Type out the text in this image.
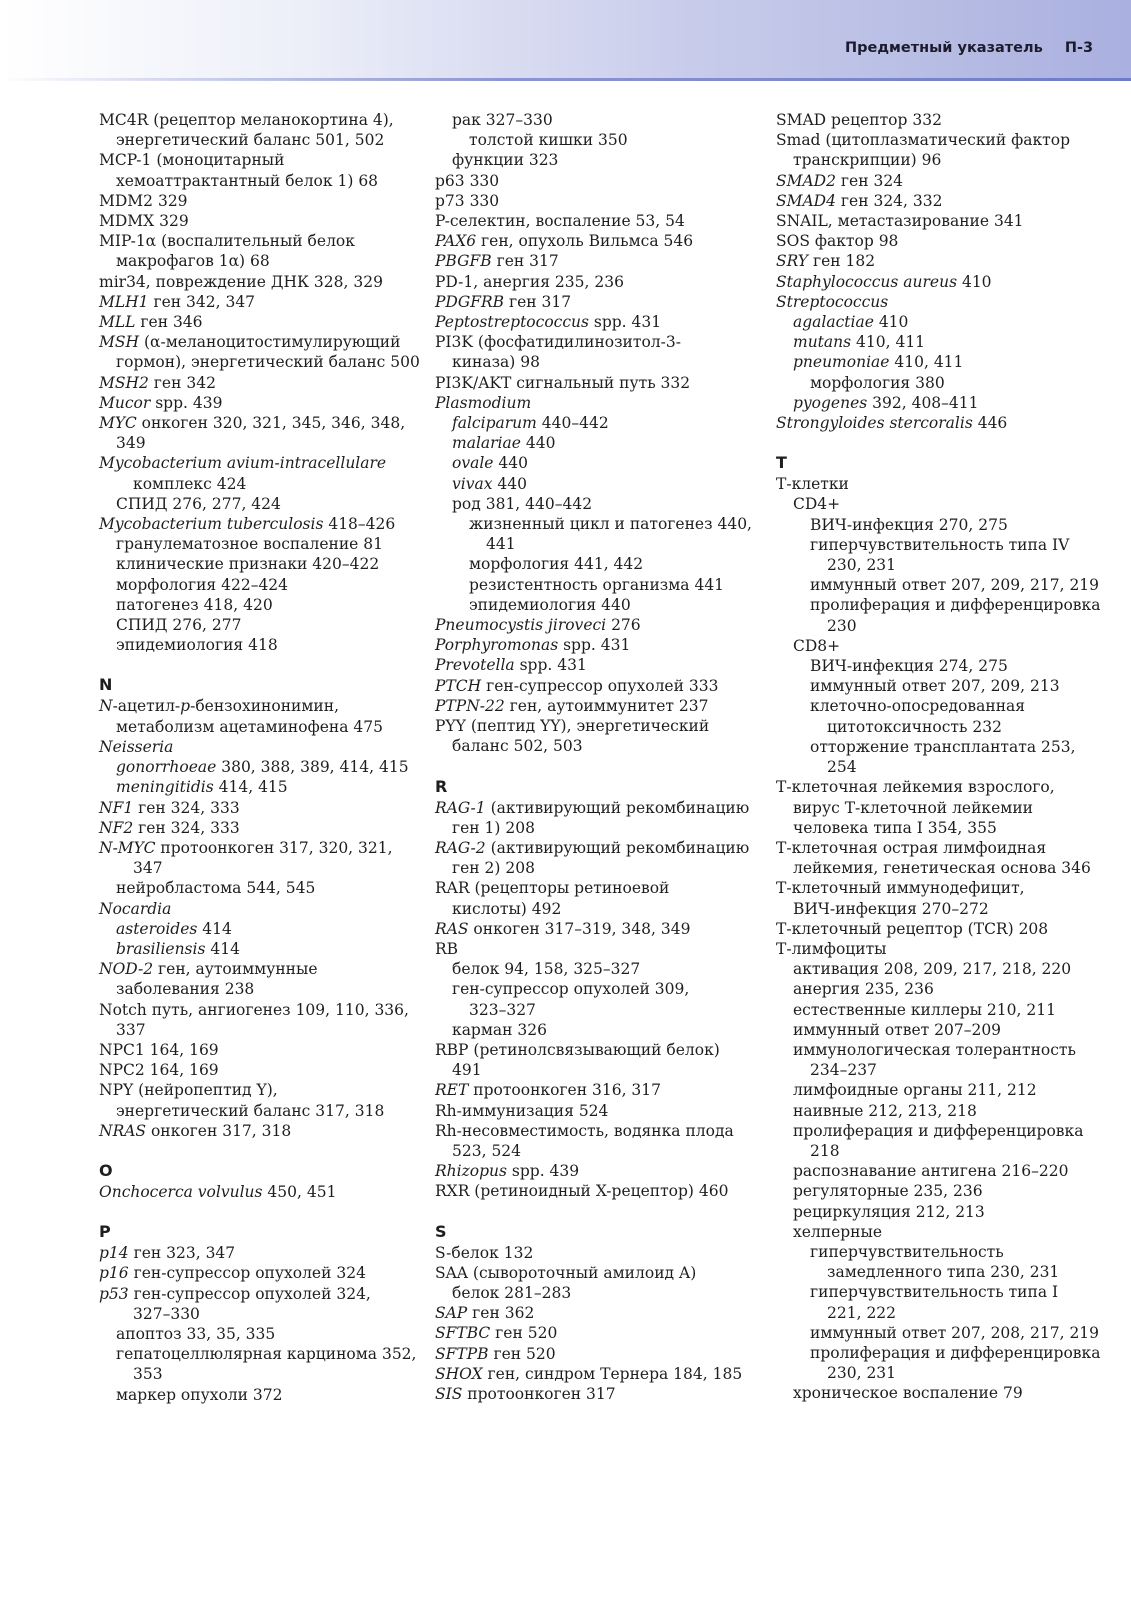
Предметный указатель П-3

MC4R (рецептор меланокортина 4),
энергетический баланс 501, 502
MCP-1 (моноцитарный
хемоаттрактантный белок 1) 68
MDM2 329
MDMX 329
MIP-1α (воспалительный белок
макрофагов 1α) 68
mir34, повреждение ДНК 328, 329
MLH1 ген 342, 347
MLL ген 346
MSH (α-меланоцитостимулирующий
гормон), энергетический баланс 500
MSH2 ген 342
Mucor spp. 439
MYC онкоген 320, 321, 345, 346, 348,
349
Mycobacterium avium-intracellulare
комплекс 424
СПИД 276, 277, 424
Mycobacterium tuberculosis 418–426
гранулематозное воспаление 81
клинические признаки 420–422
морфология 422–424
патогенез 418, 420
СПИД 276, 277
эпидемиология 418
N
N-ацетил-p-бензохинонимин,
метаболизм ацетаминофена 475
Neisseria
gonorrhoeae 380, 388, 389, 414, 415
meningitidis 414, 415
NF1 ген 324, 333
NF2 ген 324, 333
N-MYC протоонкоген 317, 320, 321,
347
нейробластома 544, 545
Nocardia
asteroides 414
brasiliensis 414
NOD-2 ген, аутоиммунные
заболевания 238
Notch путь, ангиогенез 109, 110, 336,
337
NPC1 164, 169
NPC2 164, 169
NPY (нейропептид Y),
энергетический баланс 317, 318
NRAS онкоген 317, 318
O
Onchocerca volvulus 450, 451
P
p14 ген 323, 347
p16 ген-супрессор опухолей 324
p53 ген-супрессор опухолей 324,
327–330
апоптоз 33, 35, 335
гепатоцеллюлярная карцинома 352,
353
маркер опухоли 372
рак 327–330
толстой кишки 350
функции 323
p63 330
p73 330
P-селектин, воспаление 53, 54
PAX6 ген, опухоль Вильмса 546
PBGFB ген 317
PD-1, анергия 235, 236
PDGFRB ген 317
Peptostreptococcus spp. 431
PI3K (фосфатидилинозитол-3-
киназа) 98
PI3K/AKT сигнальный путь 332
Plasmodium
falciparum 440–442
malariae 440
ovale 440
vivax 440
род 381, 440–442
жизненный цикл и патогенез 440,
441
морфология 441, 442
резистентность организма 441
эпидемиология 440
Pneumocystis jiroveci 276
Porphyromonas spp. 431
Prevotella spp. 431
PTCH ген-супрессор опухолей 333
PTPN-22 ген, аутоиммунитет 237
PYY (пептид YY), энергетический
баланс 502, 503
R
RAG-1 (активирующий рекомбинацию
ген 1) 208
RAG-2 (активирующий рекомбинацию
ген 2) 208
RAR (рецепторы ретиноевой
кислоты) 492
RAS онкоген 317–319, 348, 349
RB
белок 94, 158, 325–327
ген-супрессор опухолей 309,
323–327
карман 326
RBP (ретинолсвязывающий белок)
491
RET протоонкоген 316, 317
Rh-иммунизация 524
Rh-несовместимость, водянка плода
523, 524
Rhizopus spp. 439
RXR (ретиноидный X-рецептор) 460
S
S-белок 132
SAA (сывороточный амилоид A)
белок 281–283
SAP ген 362
SFTBC ген 520
SFTPB ген 520
SHOX ген, синдром Тернера 184, 185
SIS протоонкоген 317
SMAD рецептор 332
Smad (цитоплазматический фактор
транскрипции) 96
SMAD2 ген 324
SMAD4 ген 324, 332
SNAIL, метастазирование 341
SOS фактор 98
SRY ген 182
Staphylococcus aureus 410
Streptococcus
agalactiae 410
mutans 410, 411
pneumoniae 410, 411
морфология 380
pyogenes 392, 408–411
Strongyloides stercoralis 446
T
Т-клетки
CD4+
ВИЧ-инфекция 270, 275
гиперчувствительность типа IV
230, 231
иммунный ответ 207, 209, 217, 219
пролиферация и дифференцировка
230
CD8+
ВИЧ-инфекция 274, 275
иммунный ответ 207, 209, 213
клеточно-опосредованная
цитотоксичность 232
отторжение трансплантата 253,
254
Т-клеточная лейкемия взрослого,
вирус Т-клеточной лейкемии
человека типа I 354, 355
Т-клеточная острая лимфоидная
лейкемия, генетическая основа 346
Т-клеточный иммунодефицит,
ВИЧ-инфекция 270–272
Т-клеточный рецептор (TCR) 208
Т-лимфоциты
активация 208, 209, 217, 218, 220
анергия 235, 236
естественные киллеры 210, 211
иммунный ответ 207–209
иммунологическая толерантность
234–237
лимфоидные органы 211, 212
наивные 212, 213, 218
пролиферация и дифференцировка
218
распознавание антигена 216–220
регуляторные 235, 236
рециркуляция 212, 213
хелперные
гиперчувствительность
замедленного типа 230, 231
гиперчувствительность типа I
221, 222
иммунный ответ 207, 208, 217, 219
пролиферация и дифференцировка
230, 231
хроническое воспаление 79
